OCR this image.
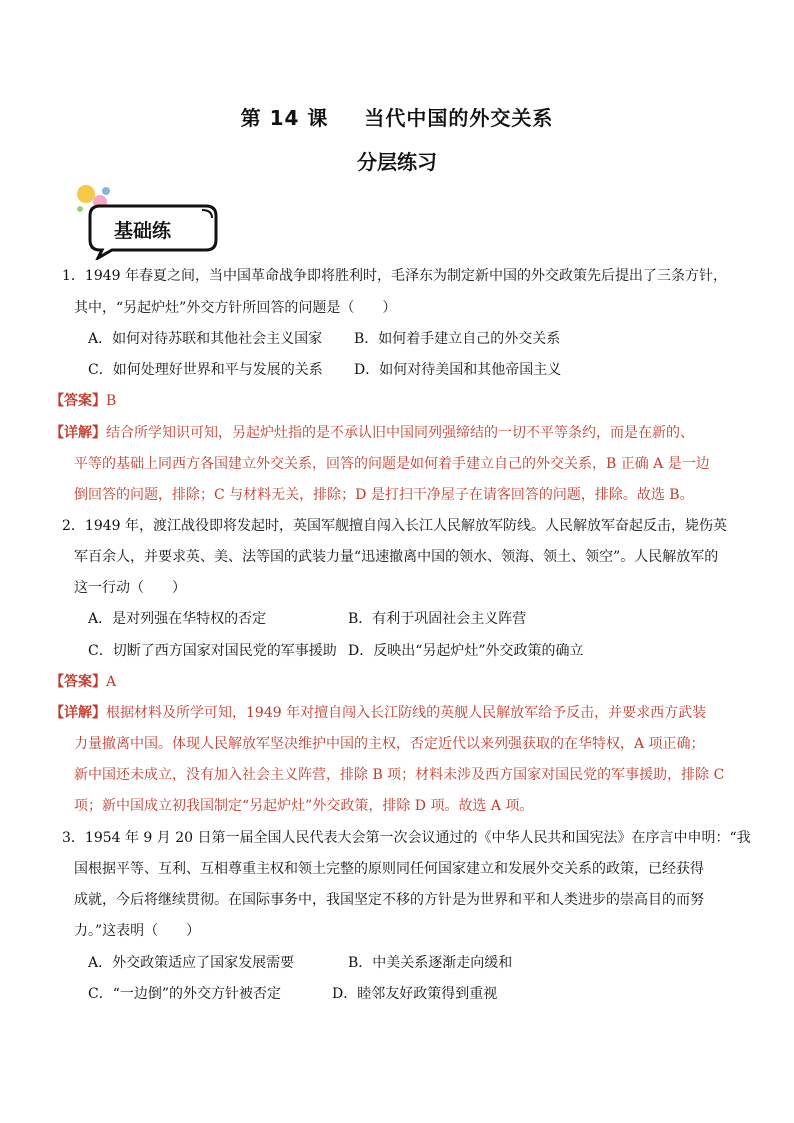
第 14 课 当代中国的外交关系
分层练习
基础练
1．1949 年春夏之间，当中国革命战争即将胜利时，毛泽东为制定新中国的外交政策先后提出了三条方针，
其中，“另起炉灶”外交方针所回答的问题是（　　）
A．如何对待苏联和其他社会主义国家 B．如何着手建立自己的外交关系
C．如何处理好世界和平与发展的关系 D．如何对待美国和其他帝国主义
【答案】B
【详解】结合所学知识可知，另起炉灶指的是不承认旧中国同列强缔结的一切不平等条约，而是在新的、
平等的基础上同西方各国建立外交关系，回答的问题是如何着手建立自己的外交关系，B 正确 A 是一边
倒回答的问题，排除；C 与材料无关，排除；D 是打扫干净屋子在请客回答的问题，排除。故选 B。
2．1949 年，渡江战役即将发起时，英国军舰擅自闯入长江人民解放军防线。人民解放军奋起反击，毙伤英
军百余人，并要求英、美、法等国的武装力量“迅速撤离中国的领水、领海、领土、领空”。人民解放军的
这一行动（　　）
A．是对列强在华特权的否定	B．有利于巩固社会主义阵营
C．切断了西方国家对国民党的军事援助 D．反映出“另起炉灶”外交政策的确立
【答案】A
【详解】根据材料及所学可知，1949 年对擅自闯入长江防线的英舰人民解放军给予反击，并要求西方武装
力量撤离中国。体现人民解放军坚决维护中国的主权，否定近代以来列强获取的在华特权，A 项正确；
新中国还未成立，没有加入社会主义阵营，排除 B 项；材料未涉及西方国家对国民党的军事援助，排除 C
项；新中国成立初我国制定“另起炉灶”外交政策，排除 D 项。故选 A 项。
3．1954 年 9 月 20 日第一届全国人民代表大会第一次会议通过的《中华人民共和国宪法》在序言中申明：“我
国根据平等、互利、互相尊重主权和领土完整的原则同任何国家建立和发展外交关系的政策，已经获得
成就，今后将继续贯彻。在国际事务中，我国坚定不移的方针是为世界和平和人类进步的崇高目的而努
力。”这表明（　　）
A．外交政策适应了国家发展需要	B．中美关系逐渐走向缓和
C．“一边倒”的外交方针被否定	D．睦邻友好政策得到重视
